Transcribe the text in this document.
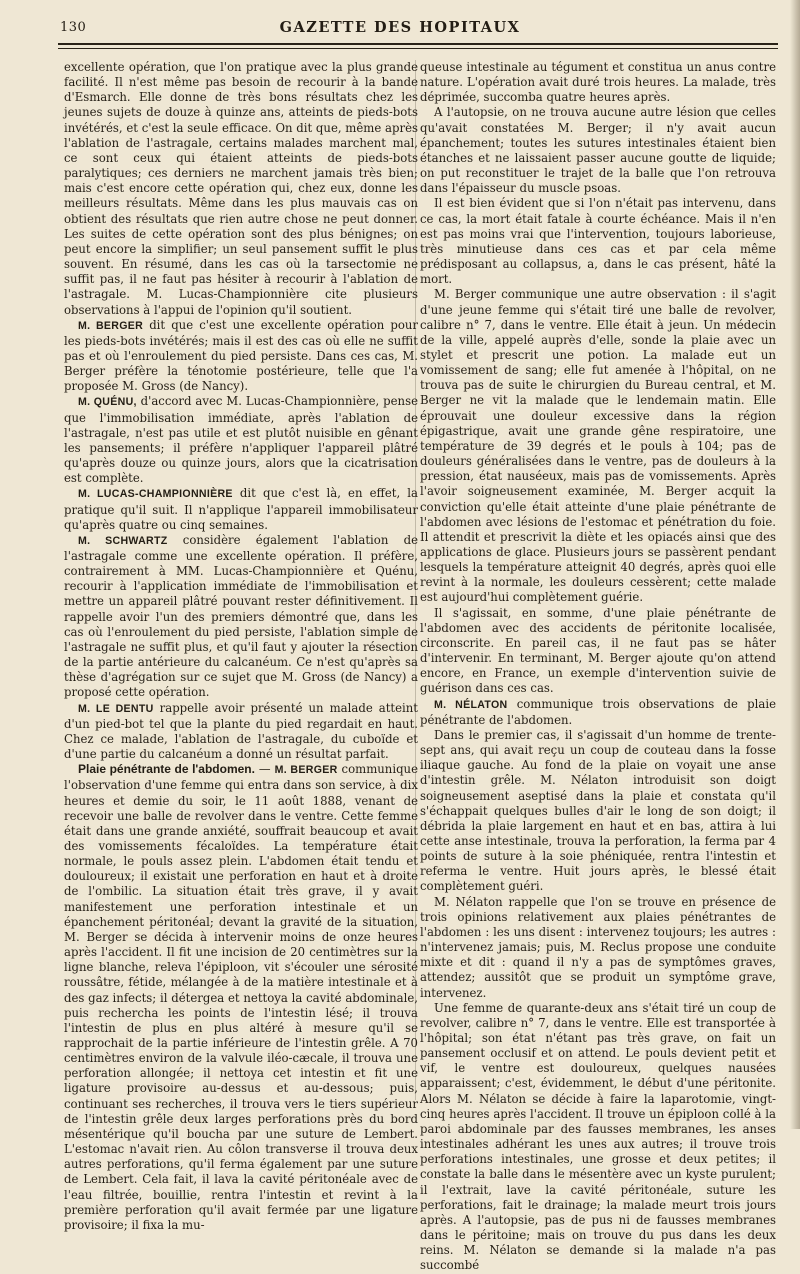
130	GAZETTE DES HOPITAUX

excellente opération, que l'on pratique avec la plus grande facilité. Il n'est même pas besoin de recourir à la bande d'Esmarch. Elle donne de très bons résultats chez les jeunes sujets de douze à quinze ans, atteints de pieds-bots invétérés, et c'est la seule efficace. On dit que, même après l'ablation de l'astragale, certains malades marchent mal, ce sont ceux qui étaient atteints de pieds-bots paralytiques; ces derniers ne marchent jamais très bien; mais c'est encore cette opération qui, chez eux, donne les meilleurs résultats. Même dans les plus mauvais cas on obtient des résultats que rien autre chose ne peut donner. Les suites de cette opération sont des plus bénignes; on peut encore la simplifier; un seul pansement suffit le plus souvent. En résumé, dans les cas où la tarsectomie ne suffit pas, il ne faut pas hésiter à recourir à l'ablation de l'astragale. M. Lucas-Championnière cite plusieurs observations à l'appui de l'opinion qu'il soutient.

M. BERGER dit que c'est une excellente opération pour les pieds-bots invétérés; mais il est des cas où elle ne suffit pas et où l'enroulement du pied persiste. Dans ces cas, M. Berger préfère la ténotomie postérieure, telle que l'a proposée M. Gross (de Nancy).

M. QUÉNU, d'accord avec M. Lucas-Championnière, pense que l'immobilisation immédiate, après l'ablation de l'astragale, n'est pas utile et est plutôt nuisible en gênant les pansements; il préfère n'appliquer l'appareil plâtré qu'après douze ou quinze jours, alors que la cicatrisation est complète.

M. LUCAS-CHAMPIONNIÈRE dit que c'est là, en effet, la pratique qu'il suit. Il n'applique l'appareil immobilisateur qu'après quatre ou cinq semaines.

M. SCHWARTZ considère également l'ablation de l'astragale comme une excellente opération. Il préfère, contrairement à MM. Lucas-Championnière et Quénu, recourir à l'application immédiate de l'immobilisation et mettre un appareil plâtré pouvant rester définitivement. Il rappelle avoir l'un des premiers démontré que, dans les cas où l'enroulement du pied persiste, l'ablation simple de l'astragale ne suffit plus, et qu'il faut y ajouter la résection de la partie antérieure du calcanéum. Ce n'est qu'après sa thèse d'agrégation sur ce sujet que M. Gross (de Nancy) a proposé cette opération.

M. LE DENTU rappelle avoir présenté un malade atteint d'un pied-bot tel que la plante du pied regardait en haut. Chez ce malade, l'ablation de l'astragale, du cuboïde et d'une partie du calcanéum a donné un résultat parfait.

Plaie pénétrante de l'abdomen. — M. BERGER communique l'observation d'une femme qui entra dans son service, à dix heures et demie du soir, le 11 août 1888, venant de recevoir une balle de revolver dans le ventre. Cette femme était dans une grande anxiété, souffrait beaucoup et avait des vomissements fécaloïdes. La température était normale, le pouls assez plein. L'abdomen était tendu et douloureux; il existait une perforation en haut et à droite de l'ombilic. La situation était très grave, il y avait manifestement une perforation intestinale et un épanchement péritonéal; devant la gravité de la situation, M. Berger se décida à intervenir moins de onze heures après l'accident. Il fit une incision de 20 centimètres sur la ligne blanche, releva l'épiploon, vit s'écouler une sérosité roussâtre, fétide, mélangée à de la matière intestinale et à des gaz infects; il détergea et nettoya la cavité abdominale, puis rechercha les points de l'intestin lésé; il trouva l'intestin de plus en plus altéré à mesure qu'il se rapprochait de la partie inférieure de l'intestin grêle. A 70 centimètres environ de la valvule iléo-cæcale, il trouva une perforation allongée; il nettoya cet intestin et fit une ligature provisoire au-dessus et au-dessous; puis, continuant ses recherches, il trouva vers le tiers supérieur de l'intestin grêle deux larges perforations près du bord mésentérique qu'il boucha par une suture de Lembert. L'estomac n'avait rien. Au côlon transverse il trouva deux autres perforations, qu'il ferma également par une suture de Lembert. Cela fait, il lava la cavité péritonéale avec de l'eau filtrée, bouillie, rentra l'intestin et revint à la première perforation qu'il avait fermée par une ligature provisoire; il fixa la mu-

queuse intestinale au tégument et constitua un anus contre nature. L'opération avait duré trois heures. La malade, très déprimée, succomba quatre heures après.

A l'autopsie, on ne trouva aucune autre lésion que celles qu'avait constatées M. Berger; il n'y avait aucun épanchement; toutes les sutures intestinales étaient bien étanches et ne laissaient passer aucune goutte de liquide; on put reconstituer le trajet de la balle que l'on retrouva dans l'épaisseur du muscle psoas.

Il est bien évident que si l'on n'était pas intervenu, dans ce cas, la mort était fatale à courte échéance. Mais il n'en est pas moins vrai que l'intervention, toujours laborieuse, très minutieuse dans ces cas et par cela même prédisposant au collapsus, a, dans le cas présent, hâté la mort.

M. Berger communique une autre observation : il s'agit d'une jeune femme qui s'était tiré une balle de revolver, calibre n° 7, dans le ventre. Elle était à jeun. Un médecin de la ville, appelé auprès d'elle, sonde la plaie avec un stylet et prescrit une potion. La malade eut un vomissement de sang; elle fut amenée à l'hôpital, on ne trouva pas de suite le chirurgien du Bureau central, et M. Berger ne vit la malade que le lendemain matin. Elle éprouvait une douleur excessive dans la région épigastrique, avait une grande gêne respiratoire, une température de 39 degrés et le pouls à 104; pas de douleurs généralisées dans le ventre, pas de douleurs à la pression, état nauséeux, mais pas de vomissements. Après l'avoir soigneusement examinée, M. Berger acquit la conviction qu'elle était atteinte d'une plaie pénétrante de l'abdomen avec lésions de l'estomac et pénétration du foie. Il attendit et prescrivit la diète et les opiacés ainsi que des applications de glace. Plusieurs jours se passèrent pendant lesquels la température atteignit 40 degrés, après quoi elle revint à la normale, les douleurs cessèrent; cette malade est aujourd'hui complètement guérie.

Il s'agissait, en somme, d'une plaie pénétrante de l'abdomen avec des accidents de péritonite localisée, circonscrite. En pareil cas, il ne faut pas se hâter d'intervenir. En terminant, M. Berger ajoute qu'on attend encore, en France, un exemple d'intervention suivie de guérison dans ces cas.

M. NÉLATON communique trois observations de plaie pénétrante de l'abdomen.

Dans le premier cas, il s'agissait d'un homme de trente-sept ans, qui avait reçu un coup de couteau dans la fosse iliaque gauche. Au fond de la plaie on voyait une anse d'intestin grêle. M. Nélaton introduisit son doigt soigneusement aseptisé dans la plaie et constata qu'il s'échappait quelques bulles d'air le long de son doigt; il débrida la plaie largement en haut et en bas, attira à lui cette anse intestinale, trouva la perforation, la ferma par 4 points de suture à la soie phéniquée, rentra l'intestin et referma le ventre. Huit jours après, le blessé était complètement guéri.

M. Nélaton rappelle que l'on se trouve en présence de trois opinions relativement aux plaies pénétrantes de l'abdomen : les uns disent : intervenez toujours; les autres : n'intervenez jamais; puis, M. Reclus propose une conduite mixte et dit : quand il n'y a pas de symptômes graves, attendez; aussitôt que se produit un symptôme grave, intervenez.

Une femme de quarante-deux ans s'était tiré un coup de revolver, calibre n° 7, dans le ventre. Elle est transportée à l'hôpital; son état n'étant pas très grave, on fait un pansement occlusif et on attend. Le pouls devient petit et vif, le ventre est douloureux, quelques nausées apparaissent; c'est, évidemment, le début d'une péritonite. Alors M. Nélaton se décide à faire la laparotomie, vingt-cinq heures après l'accident. Il trouve un épiploon collé à la paroi abdominale par des fausses membranes, les anses intestinales adhérant les unes aux autres; il trouve trois perforations intestinales, une grosse et deux petites; il constate la balle dans le mésentère avec un kyste purulent; il l'extrait, lave la cavité péritonéale, suture les perforations, fait le drainage; la malade meurt trois jours après. A l'autopsie, pas de pus ni de fausses membranes dans le péritoine; mais on trouve du pus dans les deux reins. M. Nélaton se demande si la malade n'a pas succombé
